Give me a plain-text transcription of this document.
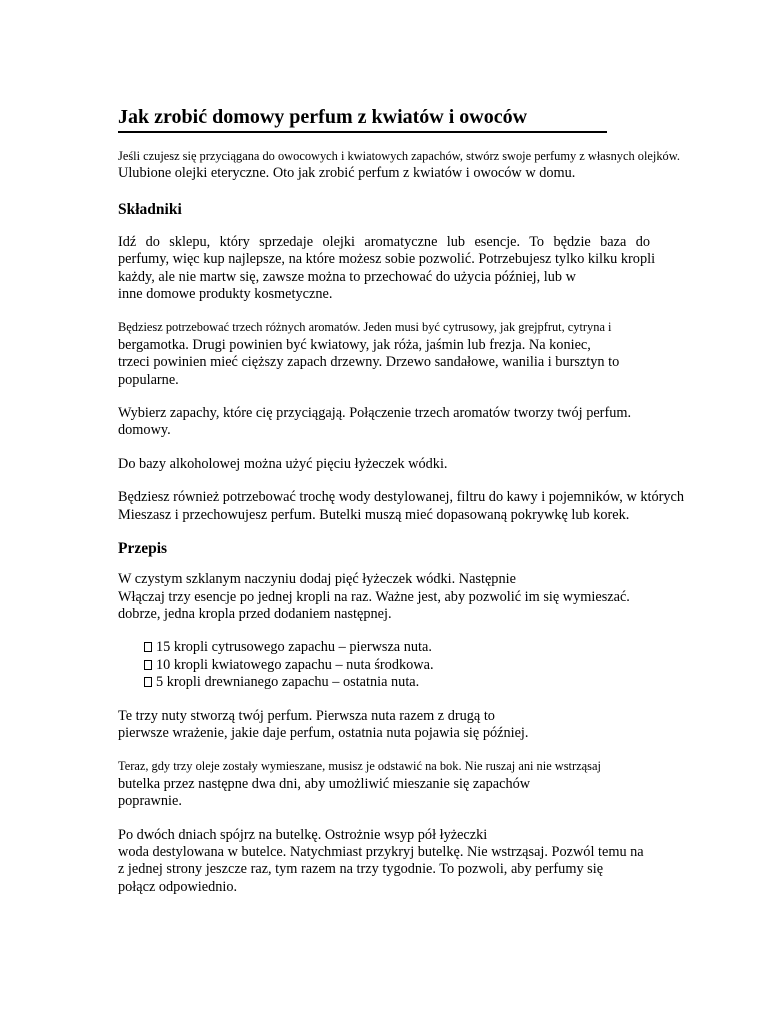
Jak zrobić domowy perfum z kwiatów i owoców
Jeśli czujesz się przyciągana do owocowych i kwiatowych zapachów, stwórz swoje perfumy z własnych olejków.
Ulubione olejki eteryczne. Oto jak zrobić perfum z kwiatów i owoców w domu.
Składniki
Idź do sklepu, który sprzedaje olejki aromatyczne lub esencje. To będzie baza do
perfumy, więc kup najlepsze, na które możesz sobie pozwolić. Potrzebujesz tylko kilku kropli
każdy, ale nie martw się, zawsze można to przechować do użycia później, lub w
inne domowe produkty kosmetyczne.
Będziesz potrzebować trzech różnych aromatów. Jeden musi być cytrusowy, jak grejpfrut, cytryna i
bergamotka. Drugi powinien być kwiatowy, jak róża, jaśmin lub frezja. Na koniec,
trzeci powinien mieć cięższy zapach drzewny. Drzewo sandałowe, wanilia i bursztyn to
popularne.
Wybierz zapachy, które cię przyciągają. Połączenie trzech aromatów tworzy twój perfum.
domowy.
Do bazy alkoholowej można użyć pięciu łyżeczek wódki.
Będziesz również potrzebować trochę wody destylowanej, filtru do kawy i pojemników, w których
Mieszasz i przechowujesz perfum. Butelki muszą mieć dopasowaną pokrywkę lub korek.
Przepis
W czystym szklanym naczyniu dodaj pięć łyżeczek wódki. Następnie
Włączaj trzy esencje po jednej kropli na raz. Ważne jest, aby pozwolić im się wymieszać.
dobrze, jedna kropla przed dodaniem następnej.
15 kropli cytrusowego zapachu – pierwsza nuta.
10 kropli kwiatowego zapachu – nuta środkowa.
5 kropli drewnianego zapachu – ostatnia nuta.
Te trzy nuty stworzą twój perfum. Pierwsza nuta razem z drugą to
pierwsze wrażenie, jakie daje perfum, ostatnia nuta pojawia się później.
Teraz, gdy trzy oleje zostały wymieszane, musisz je odstawić na bok. Nie ruszaj ani nie wstrząsaj
butelka przez następne dwa dni, aby umożliwić mieszanie się zapachów
poprawnie.
Po dwóch dniach spójrz na butelkę. Ostrożnie wsyp pół łyżeczki
woda destylowana w butelce. Natychmiast przykryj butelkę. Nie wstrząsaj. Pozwól temu na
z jednej strony jeszcze raz, tym razem na trzy tygodnie. To pozwoli, aby perfumy się
połącz odpowiednio.
